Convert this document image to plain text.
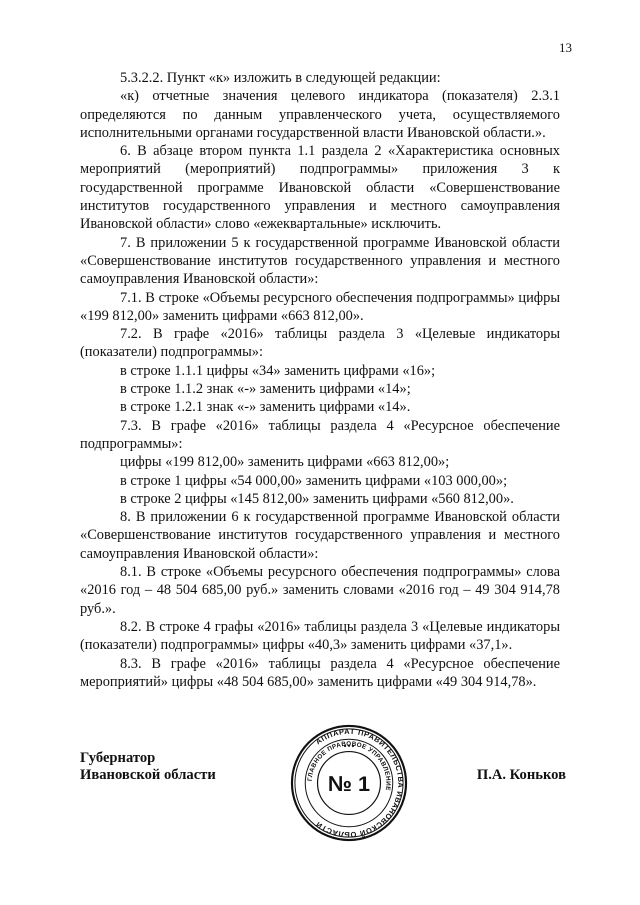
13

5.3.2.2. Пункт «к» изложить в следующей редакции:

«к) отчетные значения целевого индикатора (показателя) 2.3.1 определяются по данным управленческого учета, осуществляемого исполнительными органами государственной власти Ивановской области.».

6. В абзаце втором пункта 1.1 раздела 2 «Характеристика основных мероприятий (мероприятий) подпрограммы» приложения 3 к государственной программе Ивановской области «Совершенствование институтов государственного управления и местного самоуправления Ивановской области» слово «ежеквартальные» исключить.

7. В приложении 5 к государственной программе Ивановской области «Совершенствование институтов государственного управления и местного самоуправления Ивановской области»:

7.1. В строке «Объемы ресурсного обеспечения подпрограммы» цифры «199 812,00» заменить цифрами «663 812,00».

7.2. В графе «2016» таблицы раздела 3 «Целевые индикаторы (показатели) подпрограммы»:

в строке 1.1.1 цифры «34» заменить цифрами «16»;

в строке 1.1.2 знак «-» заменить цифрами «14»;

в строке 1.2.1 знак «-» заменить цифрами «14».

7.3. В графе «2016» таблицы раздела 4 «Ресурсное обеспечение подпрограммы»:

цифры «199 812,00» заменить цифрами «663 812,00»;

в строке 1 цифры «54 000,00» заменить цифрами «103 000,00»;

в строке 2 цифры «145 812,00» заменить цифрами «560 812,00».

8. В приложении 6 к государственной программе Ивановской области «Совершенствование институтов государственного управления и местного самоуправления Ивановской области»:

8.1. В строке «Объемы ресурсного обеспечения подпрограммы» слова «2016 год – 48 504 685,00 руб.» заменить словами «2016 год – 49 304 914,78 руб.».

8.2. В строке 4 графы «2016» таблицы раздела 3 «Целевые индикаторы (показатели) подпрограммы» цифры «40,3» заменить цифрами «37,1».

8.3. В графе «2016» таблицы раздела 4 «Ресурсное обеспечение мероприятий» цифры «48 504 685,00» заменить цифрами «49 304 914,78».

Губернатор
Ивановской области
АППАРАТ ПРАВИТЕЛЬСТВА ИВАНОВСКОЙ ОБЛАСТИ
ГЛАВНОЕ ПРАВОВОЕ УПРАВЛЕНИЕ
№ 1	П.А. Коньков
